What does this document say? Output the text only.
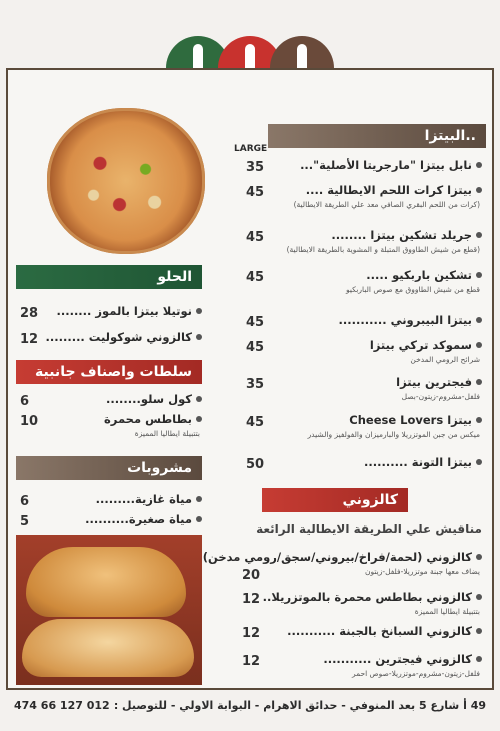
البيتزا..
LARGE
نابل بيتزا "مارجريتا الأصلية"...
35
بيتزا كرات اللحم الايطالية ....
(كرات من اللحم البقري الصافي معد علي الطريقة الايطالية)
45
جريلد تشكين بيتزا ........
(قطع من شيش الطاووق المتبلة و المشوية بالطريقة الايطالية)
45
تشكين باربكيو .....
قطع من شيش الطاووق مع صوص الباربكيو
45
بيتزا البيبروني ...........
45
سموكد تركي بيتزا
شرائح الرومي المدخن
45
فيجترين بيتزا
فلفل-مشروم-زيتون-بصل
35
بيتزا Cheese Lovers
ميكس من جبن الموتزريلا والبارميزان والفولفيز والشيدر
45
بيتزا التونة ..........
50
الحلو
نوتيلا بيتزا بالموز ........
28
كالزوني شوكوليت .........
12
سلطات واصناف جانبية
كول سلو........
6
بطاطس محمرة
بتتبيلة ايطاليا المميزة
10
مشروبات
مياة غازية.........
6
مياة صغيرة..........
5
كالزوني
مناقيش علي الطريقة الايطالية الرائعة
كالزوني (لحمة/فراخ/بيروني/سجق/رومي مدخن)
يضاف معها جبنة موتزريلا-فلفل-زيتون
20
كالزوني بطاطس محمرة بالموتزريلا..
بتتبيلة ايطاليا المميزة
12
كالزوني السبانخ بالجبنة ...........
12
كالزوني فيجترين ...........
فلفل-زيتون-مشروم-موتزريلا-صوص احمر
12
49 أ شارع 5 بعد المنوفي - حدائق الاهرام - البوابة الاولي - للتوصيل :
474 66 127 012
